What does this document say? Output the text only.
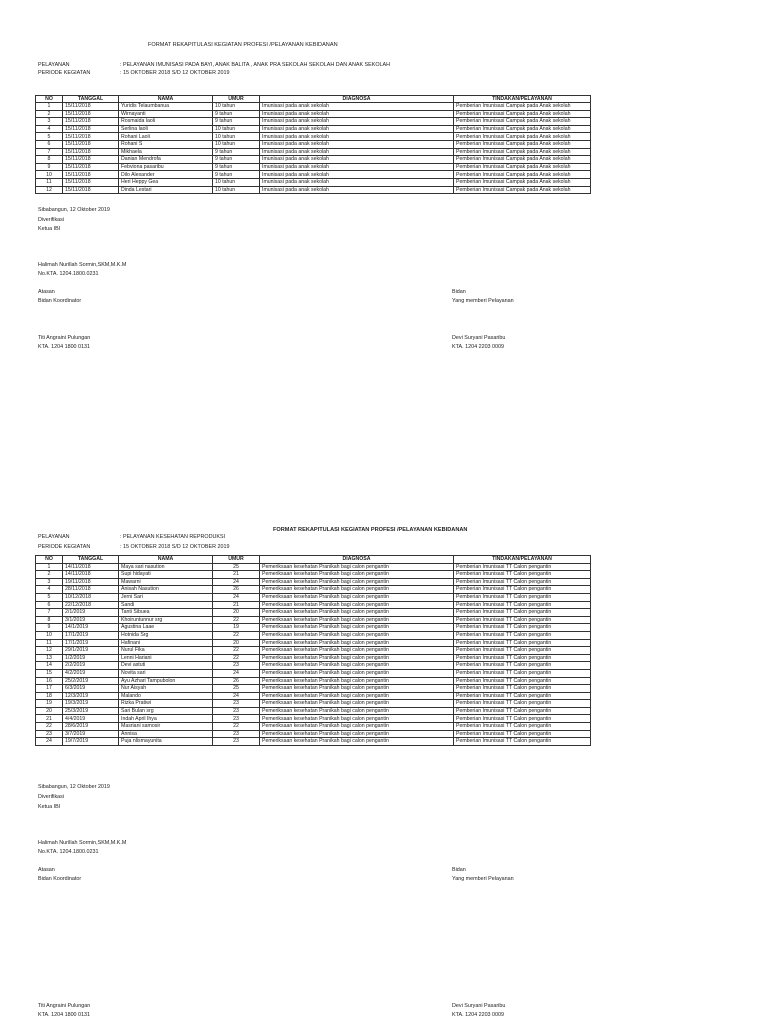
FORMAT REKAPITULASI KEGIATAN PROFESI /PELAYANAN KEBIDANAN
PELAYANAN	: PELAYANAN IMUNISASI PADA BAYI, ANAK BALITA , ANAK PRA SEKOLAH SEKOLAH DAN ANAK SEKOLAH
PERIODE KEGIATAN	: 15 OKTOBER 2018 S/D 12 OKTOBER 2019
NO	TANGGAL	NAMA	UMUR	DIAGNOSA	TINDAKAN/PELAYANAN
1	15/11/2018	Yuridis Telaumbanua	10 tahun	Imunisasi pada anak sekolah	Pemberian Imunisasi Campak pada Anak sekolah
2	15/11/2018	Wirnayanti	9 tahun	Imunisasi pada anak sekolah	Pemberian Imunisasi Campak pada Anak sekolah
3	15/11/2018	Rosmaida laoli	9 tahun	Imunisasi pada anak sekolah	Pemberian Imunisasi Campak pada Anak sekolah
4	15/11/2018	Serlina laoli	10 tahun	Imunisasi pada anak sekolah	Pemberian Imunisasi Campak pada Anak sekolah
5	15/11/2018	Rohani Laoli	10 tahun	Imunisasi pada anak sekolah	Pemberian Imunisasi Campak pada Anak sekolah
6	15/11/2018	Rohani S	10 tahun	Imunisasi pada anak sekolah	Pemberian Imunisasi Campak pada Anak sekolah
7	15/11/2018	Mikhaela	9 tahun	Imunisasi pada anak sekolah	Pemberian Imunisasi Campak pada Anak sekolah
8	15/11/2018	Danian Mendrofa	9 tahun	Imunisasi pada anak sekolah	Pemberian Imunisasi Campak pada Anak sekolah
9	15/11/2018	Febviona pasaribu	9 tahun	Imunisasi pada anak sekolah	Pemberian Imunisasi Campak pada Anak sekolah
10	15/11/2018	Dilo Alexander	9 tahun	Imunisasi pada anak sekolah	Pemberian Imunisasi Campak pada Anak sekolah
11	15/11/2018	Heri Heppy Gea	10 tahun	Imunisasi pada anak sekolah	Pemberian Imunisasi Campak pada Anak sekolah
12	15/11/2018	Dinda Lestari	10 tahun	Imunisasi pada anak sekolah	Pemberian Imunisasi Campak pada Anak sekolah
Sibabangun, 12 Oktober 2019
Diverifikasi
Ketua IBI
Halimah Nurillah Sormin,SKM,M.K.M
No.KTA. 1204.1800.0231
Atasan
Bidan Koordinator
Titi Angraini Pulungan
KTA. 1204 1800 0131
Bidan
Yang memberi Pelayanan
Devi Suryani Pasaribu
KTA. 1204 2203 0009
FORMAT REKAPITULASI KEGIATAN PROFESI /PELAYANAN KEBIDANAN
PELAYANAN	: PELAYANAN KESEHATAN REPRODUKSI
PERIODE KEGIATAN	: 15 OKTOBER 2018 S/D 12 OKTOBER 2019
NO	TANGGAL	NAMA	UMUR	DIAGNOSA	TINDAKAN/PELAYANAN
1	14/11/2018	Maya sari nasution	25	Pemeriksaan kesehatan Pranikah bagi calon pengantin	Pemberian Imunisasi TT Calon pengantin
2	14/11/2018	Supi hidayati	21	Pemeriksaan kesehatan Pranikah bagi calon pengantin	Pemberian Imunisasi TT Calon pengantin
3	19/11/2018	Mawarni	24	Pemeriksaan kesehatan Pranikah bagi calon pengantin	Pemberian Imunisasi TT Calon pengantin
4	28/11/2018	Anisah Nasution	26	Pemeriksaan kesehatan Pranikah bagi calon pengantin	Pemberian Imunisasi TT Calon pengantin
5	10/12/2018	Jerni Sari	24	Pemeriksaan kesehatan Pranikah bagi calon pengantin	Pemberian Imunisasi TT Calon pengantin
6	22/12/2018	Sandi	21	Pemeriksaan kesehatan Pranikah bagi calon pengantin	Pemberian Imunisasi TT Calon pengantin
7	2/1/2019	Tanti Sibuea	20	Pemeriksaan kesehatan Pranikah bagi calon pengantin	Pemberian Imunisasi TT Calon pengantin
8	3/1/2019	Khoiruntunnur srg	22	Pemeriksaan kesehatan Pranikah bagi calon pengantin	Pemberian Imunisasi TT Calon pengantin
9	14/1/2019	Agustina Laae	19	Pemeriksaan kesehatan Pranikah bagi calon pengantin	Pemberian Imunisasi TT Calon pengantin
10	17/1/2019	Hotnida Srg	22	Pemeriksaan kesehatan Pranikah bagi calon pengantin	Pemberian Imunisasi TT Calon pengantin
11	17/1/2019	Hafinani	20	Pemeriksaan kesehatan Pranikah bagi calon pengantin	Pemberian Imunisasi TT Calon pengantin
12	29/1/2019	Nurul Fika	22	Pemeriksaan kesehatan Pranikah bagi calon pengantin	Pemberian Imunisasi TT Calon pengantin
13	1/2/2019	Lenni Hariani	22	Pemeriksaan kesehatan Pranikah bagi calon pengantin	Pemberian Imunisasi TT Calon pengantin
14	2/2/2019	Devi astuti	23	Pemeriksaan kesehatan Pranikah bagi calon pengantin	Pemberian Imunisasi TT Calon pengantin
15	4/2/2019	Novita sari	24	Pemeriksaan kesehatan Pranikah bagi calon pengantin	Pemberian Imunisasi TT Calon pengantin
16	25/2/2019	Ayu Azhari Tampubolon	26	Pemeriksaan kesehatan Pranikah bagi calon pengantin	Pemberian Imunisasi TT Calon pengantin
17	6/3/2019	Nur Aisyah	25	Pemeriksaan kesehatan Pranikah bagi calon pengantin	Pemberian Imunisasi TT Calon pengantin
18	12/3/2019	Malando	24	Pemeriksaan kesehatan Pranikah bagi calon pengantin	Pemberian Imunisasi TT Calon pengantin
19	19/3/2019	Rizka Pratiwi	23	Pemeriksaan kesehatan Pranikah bagi calon pengantin	Pemberian Imunisasi TT Calon pengantin
20	25/3/2019	Sari Bulan srg	23	Pemeriksaan kesehatan Pranikah bagi calon pengantin	Pemberian Imunisasi TT Calon pengantin
21	4/4/2019	Indah April Ihya	23	Pemeriksaan kesehatan Pranikah bagi calon pengantin	Pemberian Imunisasi TT Calon pengantin
22	28/6/2019	Masriani samosir	22	Pemeriksaan kesehatan Pranikah bagi calon pengantin	Pemberian Imunisasi TT Calon pengantin
23	3/7/2019	Annisa	23	Pemeriksaan kesehatan Pranikah bagi calon pengantin	Pemberian Imunisasi TT Calon pengantin
24	19/7/2019	Puja nlismayunita	23	Pemeriksaan kesehatan Pranikah bagi calon pengantin	Pemberian Imunisasi TT Calon pengantin
Sibabangun, 12 Oktober 2019
Diverifikasi
Ketua IBI
Halimah Nurillah Sormin,SKM,M.K.M
No.KTA. 1204.1800.0231
Atasan
Bidan Koordinator
Titi Angraini Pulungan
KTA. 1204 1800 0131
Bidan
Yang memberi Pelayanan
Devi Suryani Pasaribu
KTA. 1204 2203 0009
